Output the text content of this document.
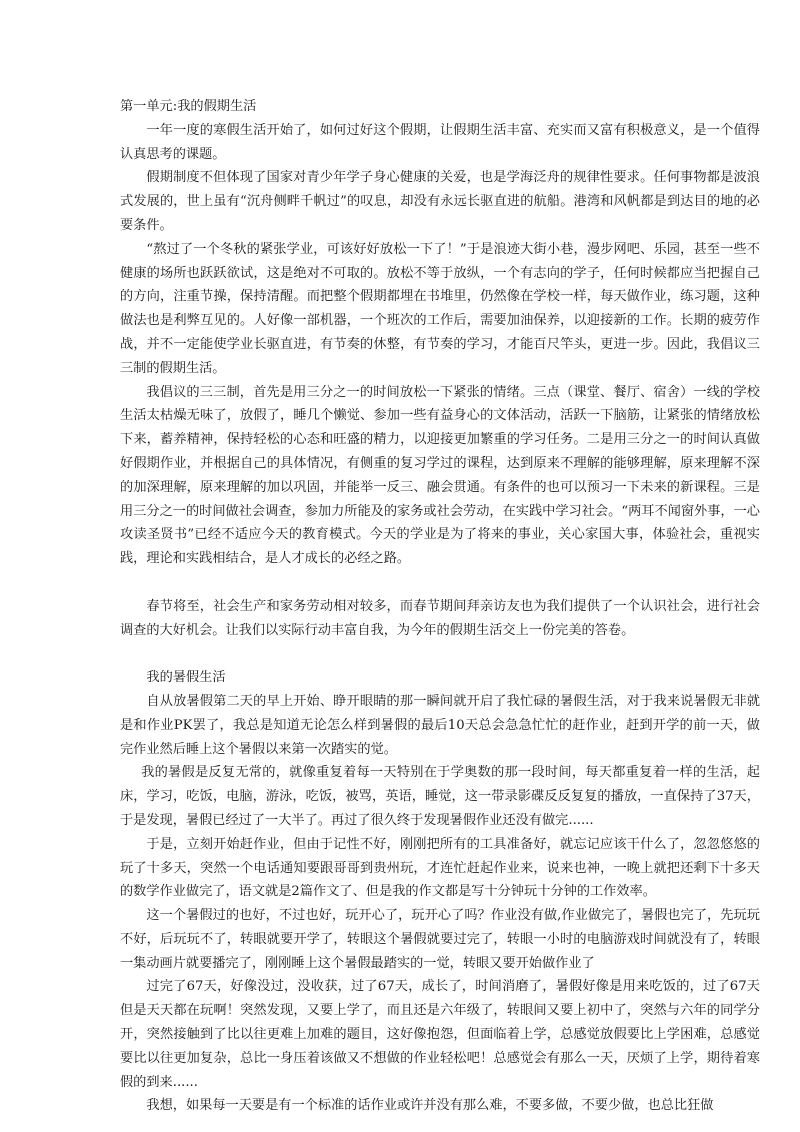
第一单元:我的假期生活

一年一度的寒假生活开始了，如何过好这个假期，让假期生活丰富、充实而又富有积极意义，是一个值得认真思考的课题。

假期制度不但体现了国家对青少年学子身心健康的关爱，也是学海泛舟的规律性要求。任何事物都是波浪式发展的，世上虽有“沉舟侧畔千帆过”的叹息，却没有永远长驱直进的航船。港湾和风帆都是到达目的地的必要条件。

“熬过了一个冬秋的紧张学业，可该好好放松一下了！”于是浪迹大街小巷，漫步网吧、乐园，甚至一些不健康的场所也跃跃欲试，这是绝对不可取的。放松不等于放纵，一个有志向的学子，任何时候都应当把握自己的方向，注重节操，保持清醒。而把整个假期都埋在书堆里，仍然像在学校一样，每天做作业，练习题，这种做法也是利弊互见的。人好像一部机器，一个班次的工作后，需要加油保养，以迎接新的工作。长期的疲劳作战，并不一定能使学业长驱直进，有节奏的休整，有节奏的学习，才能百尺竿头，更进一步。因此，我倡议三三制的假期生活。

我倡议的三三制，首先是用三分之一的时间放松一下紧张的情绪。三点（课堂、餐厅、宿舍）一线的学校生活太枯燥无味了，放假了，睡几个懒觉、参加一些有益身心的文体活动，活跃一下脑筋，让紧张的情绪放松下来，蓄养精神，保持轻松的心态和旺盛的精力，以迎接更加繁重的学习任务。二是用三分之一的时间认真做好假期作业，并根据自己的具体情况，有侧重的复习学过的课程，达到原来不理解的能够理解，原来理解不深的加深理解，原来理解的加以巩固，并能举一反三、融会贯通。有条件的也可以预习一下未来的新课程。三是用三分之一的时间做社会调查，参加力所能及的家务或社会劳动，在实践中学习社会。“两耳不闻窗外事，一心攻读圣贤书”已经不适应今天的教育模式。今天的学业是为了将来的事业，关心家国大事，体验社会，重视实践，理论和实践相结合，是人才成长的必经之路。

春节将至，社会生产和家务劳动相对较多，而春节期间拜亲访友也为我们提供了一个认识社会，进行社会调查的大好机会。让我们以实际行动丰富自我，为今年的假期生活交上一份完美的答卷。

我的暑假生活

自从放暑假第二天的早上开始、睁开眼睛的那一瞬间就开启了我忙碌的暑假生活，对于我来说暑假无非就是和作业PK罢了，我总是知道无论怎么样到暑假的最后10天总会急急忙忙的赶作业，赶到开学的前一天，做完作业然后睡上这个暑假以来第一次踏实的觉。

我的暑假是反复无常的，就像重复着每一天特别在于学奥数的那一段时间，每天都重复着一样的生活，起床，学习，吃饭，电脑，游泳，吃饭，被骂，英语，睡觉，这一带录影碟反反复复的播放，一直保持了37天，于是发现，暑假已经过了一大半了。再过了很久终于发现暑假作业还没有做完......

于是，立刻开始赶作业，但由于记性不好，刚刚把所有的工具准备好，就忘记应该干什么了，忽忽悠悠的玩了十多天，突然一个电话通知要跟哥哥到贵州玩，才连忙赶起作业来，说来也神，一晚上就把还剩下十多天的数学作业做完了，语文就是2篇作文了、但是我的作文都是写十分钟玩十分钟的工作效率。

这一个暑假过的也好，不过也好，玩开心了，玩开心了吗？作业没有做,作业做完了，暑假也完了，先玩玩不好，后玩玩不了，转眼就要开学了，转眼这个暑假就要过完了，转眼一小时的电脑游戏时间就没有了，转眼一集动画片就要播完了，刚刚睡上这个暑假最踏实的一觉，转眼又要开始做作业了

过完了67天，好像没过，没收获，过了67天，成长了，时间消磨了，暑假好像是用来吃饭的，过了67天但是天天都在玩啊！突然发现，又要上学了，而且还是六年级了，转眼间又要上初中了，突然与六年的同学分开，突然接触到了比以往更难上加难的题目，这好像抱怨，但面临着上学，总感觉放假要比上学困难，总感觉要比以往更加复杂，总比一身压着该做又不想做的作业轻松吧！总感觉会有那么一天，厌烦了上学，期待着寒假的到来......

我想，如果每一天要是有一个标准的话作业或许并没有那么难，不要多做，不要少做，也总比狂做
